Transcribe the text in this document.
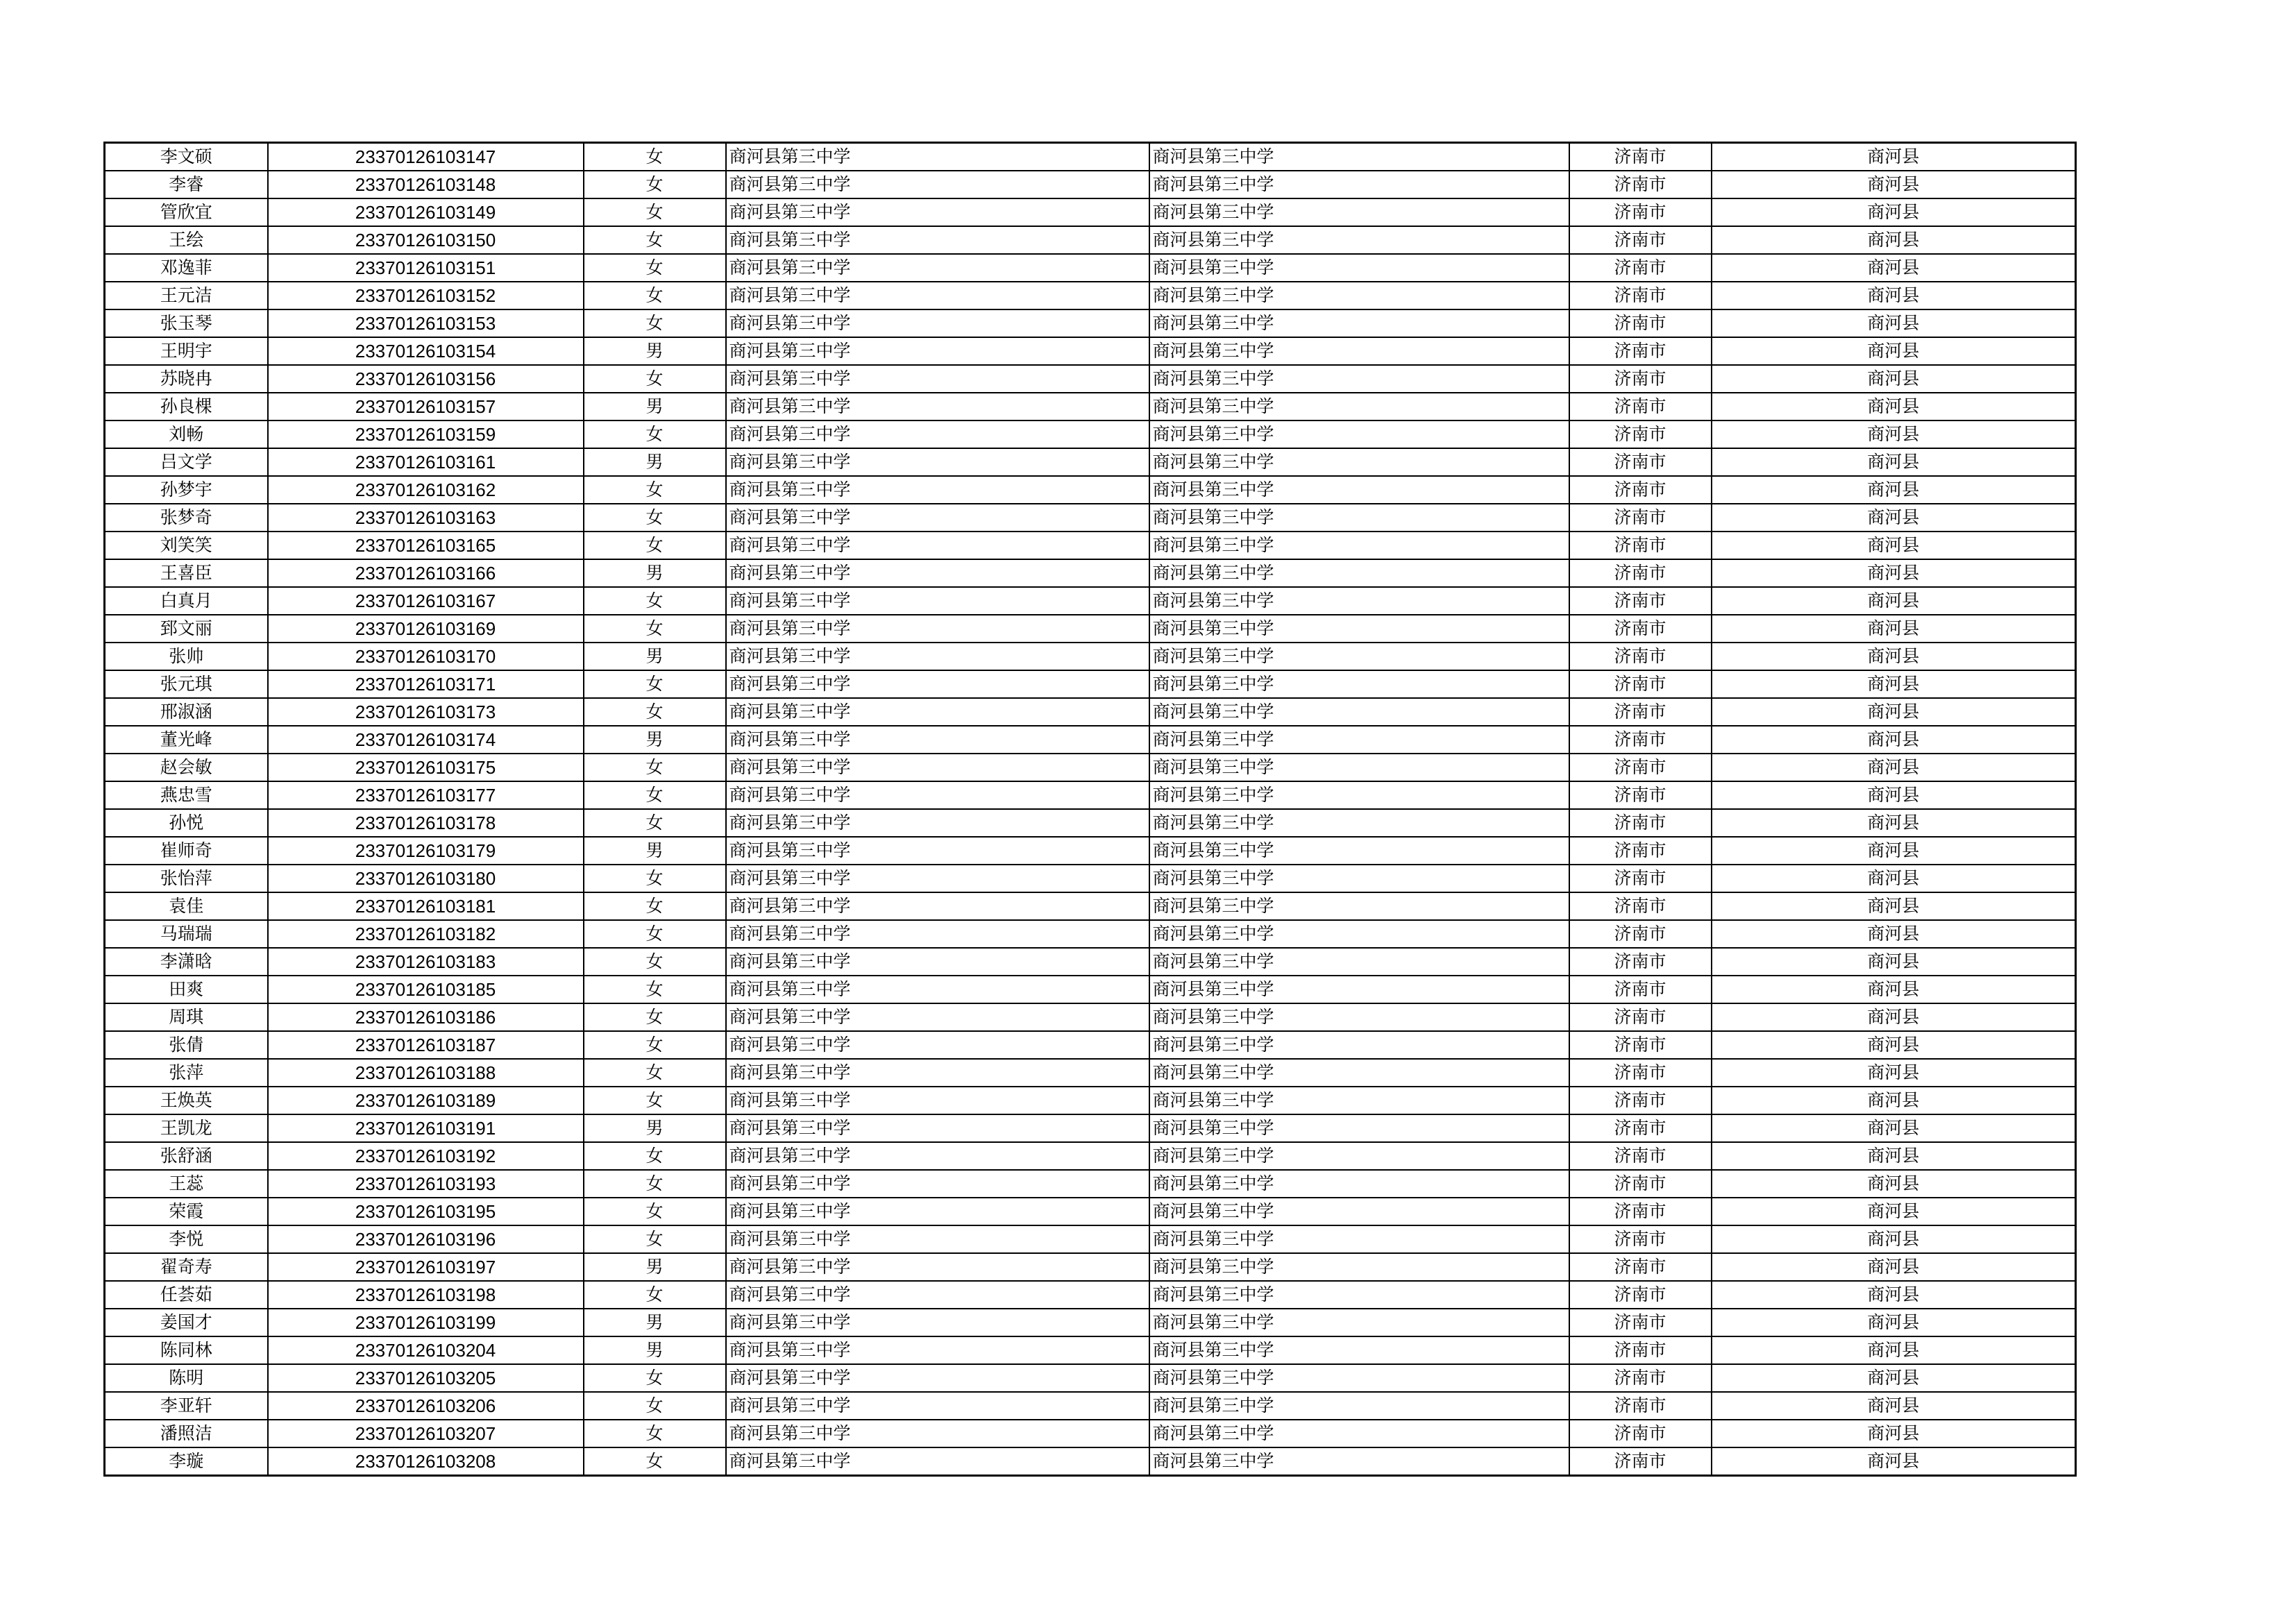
李文硕	23370126103147	女	商河县第三中学	商河县第三中学	济南市	商河县
李睿	23370126103148	女	商河县第三中学	商河县第三中学	济南市	商河县
管欣宜	23370126103149	女	商河县第三中学	商河县第三中学	济南市	商河县
王绘	23370126103150	女	商河县第三中学	商河县第三中学	济南市	商河县
邓逸菲	23370126103151	女	商河县第三中学	商河县第三中学	济南市	商河县
王元洁	23370126103152	女	商河县第三中学	商河县第三中学	济南市	商河县
张玉琴	23370126103153	女	商河县第三中学	商河县第三中学	济南市	商河县
王明宇	23370126103154	男	商河县第三中学	商河县第三中学	济南市	商河县
苏晓冉	23370126103156	女	商河县第三中学	商河县第三中学	济南市	商河县
孙良棵	23370126103157	男	商河县第三中学	商河县第三中学	济南市	商河县
刘畅	23370126103159	女	商河县第三中学	商河县第三中学	济南市	商河县
吕文学	23370126103161	男	商河县第三中学	商河县第三中学	济南市	商河县
孙梦宇	23370126103162	女	商河县第三中学	商河县第三中学	济南市	商河县
张梦奇	23370126103163	女	商河县第三中学	商河县第三中学	济南市	商河县
刘笑笑	23370126103165	女	商河县第三中学	商河县第三中学	济南市	商河县
王喜臣	23370126103166	男	商河县第三中学	商河县第三中学	济南市	商河县
白真月	23370126103167	女	商河县第三中学	商河县第三中学	济南市	商河县
郅文丽	23370126103169	女	商河县第三中学	商河县第三中学	济南市	商河县
张帅	23370126103170	男	商河县第三中学	商河县第三中学	济南市	商河县
张元琪	23370126103171	女	商河县第三中学	商河县第三中学	济南市	商河县
邢淑涵	23370126103173	女	商河县第三中学	商河县第三中学	济南市	商河县
董光峰	23370126103174	男	商河县第三中学	商河县第三中学	济南市	商河县
赵会敏	23370126103175	女	商河县第三中学	商河县第三中学	济南市	商河县
燕忠雪	23370126103177	女	商河县第三中学	商河县第三中学	济南市	商河县
孙悦	23370126103178	女	商河县第三中学	商河县第三中学	济南市	商河县
崔师奇	23370126103179	男	商河县第三中学	商河县第三中学	济南市	商河县
张怡萍	23370126103180	女	商河县第三中学	商河县第三中学	济南市	商河县
袁佳	23370126103181	女	商河县第三中学	商河县第三中学	济南市	商河县
马瑞瑞	23370126103182	女	商河县第三中学	商河县第三中学	济南市	商河县
李潇晗	23370126103183	女	商河县第三中学	商河县第三中学	济南市	商河县
田爽	23370126103185	女	商河县第三中学	商河县第三中学	济南市	商河县
周琪	23370126103186	女	商河县第三中学	商河县第三中学	济南市	商河县
张倩	23370126103187	女	商河县第三中学	商河县第三中学	济南市	商河县
张萍	23370126103188	女	商河县第三中学	商河县第三中学	济南市	商河县
王焕英	23370126103189	女	商河县第三中学	商河县第三中学	济南市	商河县
王凯龙	23370126103191	男	商河县第三中学	商河县第三中学	济南市	商河县
张舒涵	23370126103192	女	商河县第三中学	商河县第三中学	济南市	商河县
王蕊	23370126103193	女	商河县第三中学	商河县第三中学	济南市	商河县
荣霞	23370126103195	女	商河县第三中学	商河县第三中学	济南市	商河县
李悦	23370126103196	女	商河县第三中学	商河县第三中学	济南市	商河县
翟奇寿	23370126103197	男	商河县第三中学	商河县第三中学	济南市	商河县
任荟茹	23370126103198	女	商河县第三中学	商河县第三中学	济南市	商河县
姜国才	23370126103199	男	商河县第三中学	商河县第三中学	济南市	商河县
陈同林	23370126103204	男	商河县第三中学	商河县第三中学	济南市	商河县
陈明	23370126103205	女	商河县第三中学	商河县第三中学	济南市	商河县
李亚轩	23370126103206	女	商河县第三中学	商河县第三中学	济南市	商河县
潘照洁	23370126103207	女	商河县第三中学	商河县第三中学	济南市	商河县
李璇	23370126103208	女	商河县第三中学	商河县第三中学	济南市	商河县
